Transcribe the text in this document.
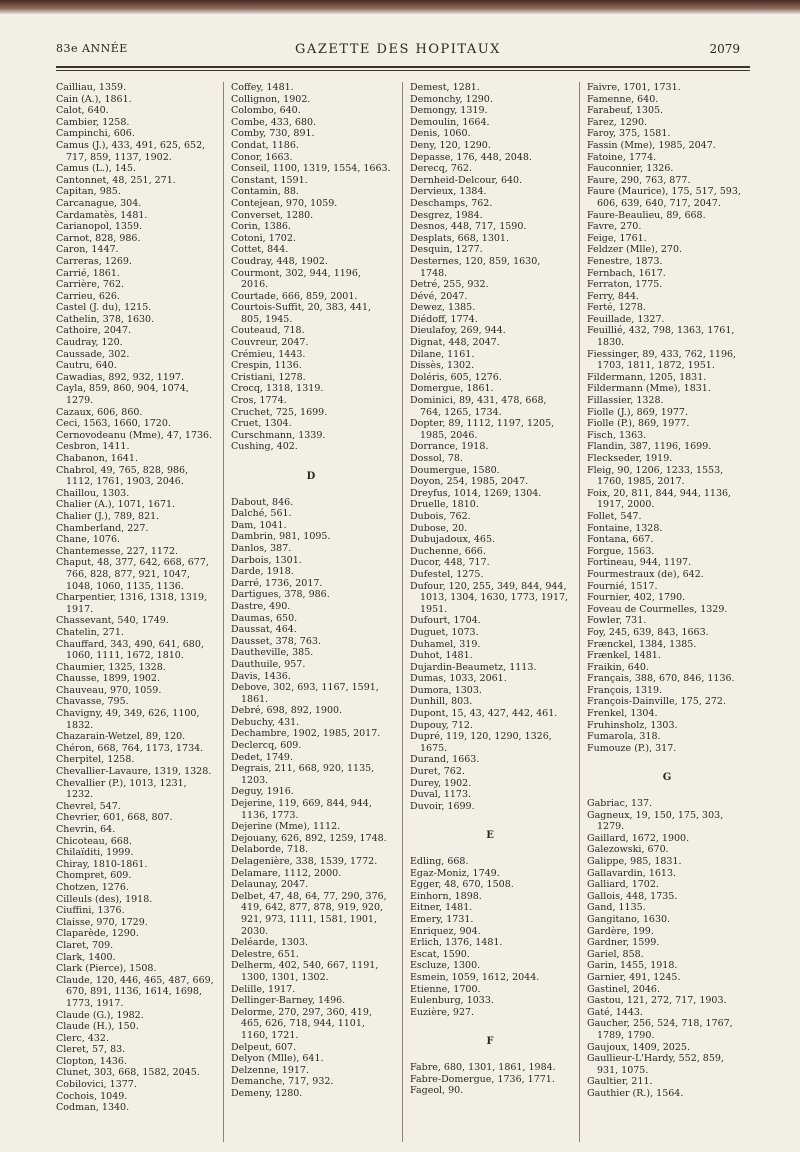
83e ANNÉE	GAZETTE DES HOPITAUX	2079
Cailliau, 1359.
Cain (A.), 1861.
Calot, 640.
Cambier, 1258.
Campinchi, 606.
Camus (J.), 433, 491, 625, 652, 717, 859, 1137, 1902.
Camus (L.), 145.
Cantonnet, 48, 251, 271.
Capitan, 985.
Carcanague, 304.
Cardamatès, 1481.
Carianopol, 1359.
Carnot, 828, 986.
Caron, 1447.
Carreras, 1269.
Carrié, 1861.
Carrière, 762.
Carrieu, 626.
Castel (J. du), 1215.
Cathelin, 378, 1630.
Cathoire, 2047.
Caudray, 120.
Caussade, 302.
Cautru, 640.
Cawadias, 892, 932, 1197.
Cayla, 859, 860, 904, 1074, 1279.
Cazaux, 606, 860.
Ceci, 1563, 1660, 1720.
Cernovodeanu (Mme), 47, 1736.
Cesbron, 1411.
Chabanon, 1641.
Chabrol, 49, 765, 828, 986, 1112, 1761, 1903, 2046.
Chaillou, 1303.
Chalier (A.), 1071, 1671.
Chalier (J.), 789, 821.
Chamberland, 227.
Chane, 1076.
Chantemesse, 227, 1172.
Chaput, 48, 377, 642, 668, 677, 766, 828, 877, 921, 1047, 1048, 1060, 1135, 1136.
Charpentier, 1316, 1318, 1319, 1917.
Chassevant, 540, 1749.
Chatelin, 271.
Chauffard, 343, 490, 641, 680, 1060, 1111, 1672, 1810.
Chaumier, 1325, 1328.
Chausse, 1899, 1902.
Chauveau, 970, 1059.
Chavasse, 795.
Chavigny, 49, 349, 626, 1100, 1832.
Chazarain-Wetzel, 89, 120.
Chéron, 668, 764, 1173, 1734.
Cherpitel, 1258.
Chevallier-Lavaure, 1319, 1328.
Chevallier (P.), 1013, 1231, 1232.
Chevrel, 547.
Chevrier, 601, 668, 807.
Chevrin, 64.
Chicoteau, 668.
Chilaïditi, 1999.
Chiray, 1810-1861.
Chompret, 609.
Chotzen, 1276.
Cilleuls (des), 1918.
Ciuffini, 1376.
Claisse, 970, 1729.
Claparède, 1290.
Claret, 709.
Clark, 1400.
Clark (Pierce), 1508.
Claude, 120, 446, 465, 487, 669, 670, 891, 1136, 1614, 1698, 1773, 1917.
Claude (G.), 1982.
Claude (H.), 150.
Clerc, 432.
Cleret, 57, 83.
Clopton, 1436.
Clunet, 303, 668, 1582, 2045.
Cobilovici, 1377.
Cochois, 1049.
Codman, 1340.
Coffey, 1481.
Collignon, 1902.
Colombo, 640.
Combe, 433, 680.
Comby, 730, 891.
Condat, 1186.
Conor, 1663.
Conseil, 1100, 1319, 1554, 1663.
Constant, 1591.
Contamin, 88.
Contejean, 970, 1059.
Converset, 1280.
Corin, 1386.
Cotoni, 1702.
Cottet, 844.
Coudray, 448, 1902.
Courmont, 302, 944, 1196, 2016.
Courtade, 666, 859, 2001.
Courtois-Suffit, 20, 383, 441, 805, 1945.
Couteaud, 718.
Couvreur, 2047.
Crémieu, 1443.
Crespin, 1136.
Cristiani, 1278.
Crocq, 1318, 1319.
Cros, 1774.
Cruchet, 725, 1699.
Cruet, 1304.
Curschmann, 1339.
Cushing, 402.
D
Dabout, 846.
Dalché, 561.
Dam, 1041.
Dambrin, 981, 1095.
Danlos, 387.
Darbois, 1301.
Darde, 1918.
Darré, 1736, 2017.
Dartigues, 378, 986.
Dastre, 490.
Daumas, 650.
Daussat, 464.
Dausset, 378, 763.
Dautheville, 385.
Dauthuile, 957.
Davis, 1436.
Debove, 302, 693, 1167, 1591, 1861.
Debré, 698, 892, 1900.
Debuchy, 431.
Dechambre, 1902, 1985, 2017.
Declercq, 609.
Dedet, 1749.
Degrais, 211, 668, 920, 1135, 1203.
Deguy, 1916.
Dejerine, 119, 669, 844, 944, 1136, 1773.
Dejerine (Mme), 1112.
Dejouany, 626, 892, 1259, 1748.
Delaborde, 718.
Delagenière, 338, 1539, 1772.
Delamare, 1112, 2000.
Delaunay, 2047.
Delbet, 47, 48, 64, 77, 290, 376, 419, 642, 877, 878, 919, 920, 921, 973, 1111, 1581, 1901, 2030.
Deléarde, 1303.
Delestre, 651.
Delherm, 402, 540, 667, 1191, 1300, 1301, 1302.
Delille, 1917.
Dellinger-Barney, 1496.
Delorme, 270, 297, 360, 419, 465, 626, 718, 944, 1101, 1160, 1721.
Delpeut, 607.
Delyon (Mlle), 641.
Delzenne, 1917.
Demanche, 717, 932.
Demeny, 1280.
Demest, 1281.
Demonchy, 1290.
Demongy, 1319.
Demoulin, 1664.
Denis, 1060.
Deny, 120, 1290.
Depasse, 176, 448, 2048.
Derecq, 762.
Dernheid-Delcour, 640.
Dervieux, 1384.
Deschamps, 762.
Desgrez, 1984.
Desnos, 448, 717, 1590.
Desplats, 668, 1301.
Desquin, 1277.
Desternes, 120, 859, 1630, 1748.
Detré, 255, 932.
Dévé, 2047.
Dewez, 1385.
Diédoff, 1774.
Dieulafoy, 269, 944.
Dignat, 448, 2047.
Dilane, 1161.
Dissès, 1302.
Doléris, 605, 1276.
Domergue, 1861.
Dominici, 89, 431, 478, 668, 764, 1265, 1734.
Dopter, 89, 1112, 1197, 1205, 1985, 2046.
Dorrance, 1918.
Dossol, 78.
Doumergue, 1580.
Doyon, 254, 1985, 2047.
Dreyfus, 1014, 1269, 1304.
Druelle, 1810.
Dubois, 762.
Dubose, 20.
Dubujadoux, 465.
Duchenne, 666.
Ducor, 448, 717.
Dufestel, 1275.
Dufour, 120, 255, 349, 844, 944, 1013, 1304, 1630, 1773, 1917, 1951.
Dufourt, 1704.
Duguet, 1073.
Duhamel, 319.
Duhot, 1481.
Dujardin-Beaumetz, 1113.
Dumas, 1033, 2061.
Dumora, 1303.
Dunhill, 803.
Dupont, 15, 43, 427, 442, 461.
Dupouy, 712.
Dupré, 119, 120, 1290, 1326, 1675.
Durand, 1663.
Duret, 762.
Durey, 1902.
Duval, 1173.
Duvoir, 1699.
E
Edling, 668.
Egaz-Moniz, 1749.
Egger, 48, 670, 1508.
Einhorn, 1898.
Eitner, 1481.
Emery, 1731.
Enriquez, 904.
Erlich, 1376, 1481.
Escat, 1590.
Escluze, 1300.
Esmein, 1059, 1612, 2044.
Etienne, 1700.
Eulenburg, 1033.
Euzière, 927.
F
Fabre, 680, 1301, 1861, 1984.
Fabre-Domergue, 1736, 1771.
Fageol, 90.
Faivre, 1701, 1731.
Famenne, 640.
Farabeuf, 1305.
Farez, 1290.
Faroy, 375, 1581.
Fassin (Mme), 1985, 2047.
Fatoine, 1774.
Fauconnier, 1326.
Faure, 290, 763, 877.
Faure (Maurice), 175, 517, 593, 606, 639, 640, 717, 2047.
Faure-Beaulieu, 89, 668.
Favre, 270.
Feige, 1761.
Feldzer (Mlle), 270.
Fenestre, 1873.
Fernbach, 1617.
Ferraton, 1775.
Ferry, 844.
Ferté, 1278.
Feuillade, 1327.
Feuillié, 432, 798, 1363, 1761, 1830.
Fiessinger, 89, 433, 762, 1196, 1703, 1811, 1872, 1951.
Fildermann, 1205, 1831.
Fildermann (Mme), 1831.
Fillassier, 1328.
Fiolle (J.), 869, 1977.
Fiolle (P.), 869, 1977.
Fisch, 1363.
Flandin, 387, 1196, 1699.
Fleckseder, 1919.
Fleig, 90, 1206, 1233, 1553, 1760, 1985, 2017.
Foix, 20, 811, 844, 944, 1136, 1917, 2000.
Follet, 547.
Fontaine, 1328.
Fontana, 667.
Forgue, 1563.
Fortineau, 944, 1197.
Fourmestraux (de), 642.
Fournié, 1517.
Fournier, 402, 1790.
Foveau de Courmelles, 1329.
Fowler, 731.
Foy, 245, 639, 843, 1663.
Frænckel, 1384, 1385.
Frænkel, 1481.
Fraikin, 640.
Français, 388, 670, 846, 1136.
François, 1319.
François-Dainville, 175, 272.
Frenkel, 1304.
Fruhinsholz, 1303.
Fumarola, 318.
Fumouze (P.), 317.
G
Gabriac, 137.
Gagneux, 19, 150, 175, 303, 1279.
Gaillard, 1672, 1900.
Galezowski, 670.
Galippe, 985, 1831.
Gallavardin, 1613.
Galliard, 1702.
Gallois, 448, 1735.
Gand, 1135.
Gangitano, 1630.
Gardère, 199.
Gardner, 1599.
Gariel, 858.
Garin, 1455, 1918.
Garnier, 491, 1245.
Gastinel, 2046.
Gastou, 121, 272, 717, 1903.
Gaté, 1443.
Gaucher, 256, 524, 718, 1767, 1789, 1790.
Gaujoux, 1409, 2025.
Gaullieur-L'Hardy, 552, 859, 931, 1075.
Gaultier, 211.
Gauthier (R.), 1564.
